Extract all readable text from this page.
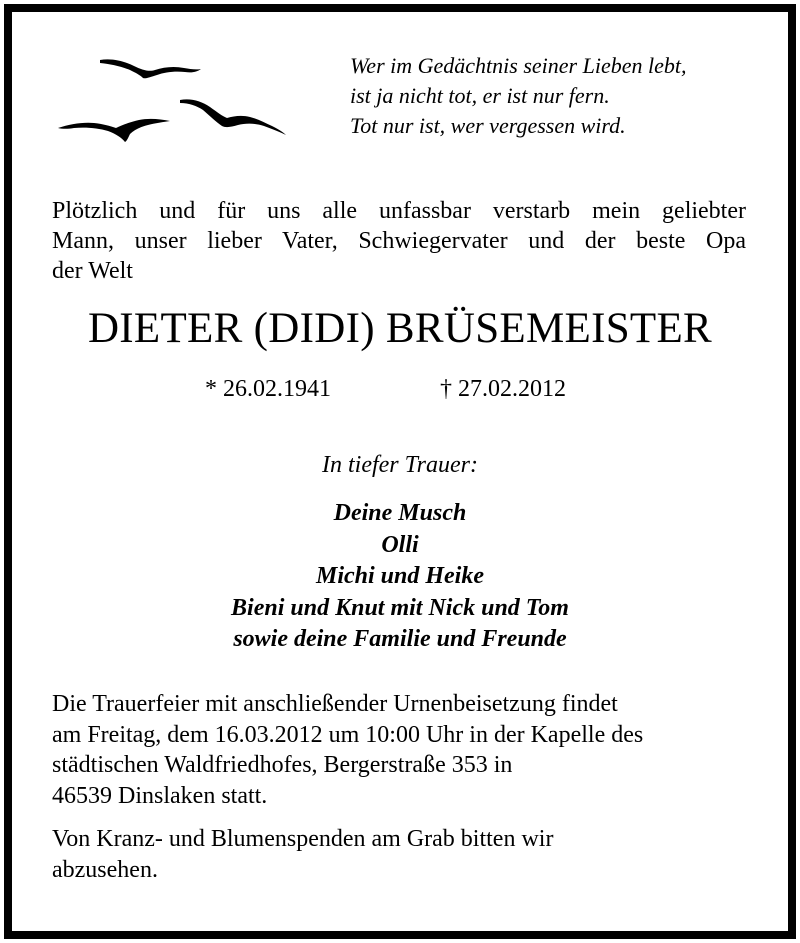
Wer im Gedächtnis seiner Lieben lebt,
ist ja nicht tot, er ist nur fern.
Tot nur ist, wer vergessen wird.
Plötzlich und für uns alle unfassbar verstarb mein geliebter
Mann, unser lieber Vater, Schwiegervater und der beste Opa
der Welt
DIETER (DIDI) BRÜSEMEISTER
* 26.02.1941	† 27.02.2012
In tiefer Trauer:
Deine Musch
Olli
Michi und Heike
Bieni und Knut mit Nick und Tom
sowie deine Familie und Freunde
Die Trauerfeier mit anschließender Urnenbeisetzung findet
am Freitag, dem 16.03.2012 um 10:00 Uhr in der Kapelle des
städtischen Waldfriedhofes, Bergerstraße 353 in
46539 Dinslaken statt.
Von Kranz- und Blumenspenden am Grab bitten wir
abzusehen.
